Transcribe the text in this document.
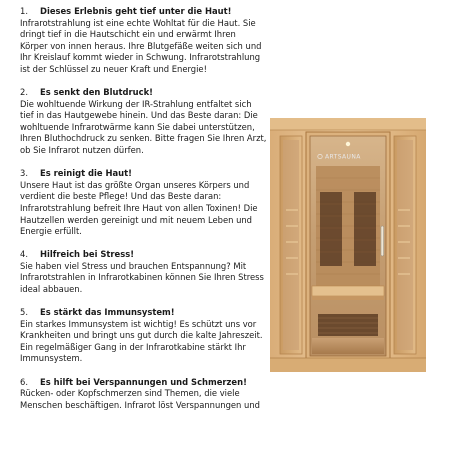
1.	Dieses Erlebnis geht tief unter die Haut!
Infrarotstrahlung ist eine echte Wohltat für die Haut. Sie
dringt tief in die Hautschicht ein und erwärmt Ihren
Körper von innen heraus. Ihre Blutgefäße weiten sich und
Ihr Kreislauf kommt wieder in Schwung. Infrarotstrahlung
ist der Schlüssel zu neuer Kraft und Energie!
2.	Es senkt den Blutdruck!
Die wohltuende Wirkung der IR-Strahlung entfaltet sich
tief in das Hautgewebe hinein. Und das Beste daran: Die
wohltuende Infrarotwärme kann Sie dabei unterstützen,
Ihren Bluthochdruck zu senken. Bitte fragen Sie Ihren Arzt,
ob Sie Infrarot nutzen dürfen.
3.	Es reinigt die Haut!
Unsere Haut ist das größte Organ unseres Körpers und
verdient die beste Pflege! Und das Beste daran:
Infrarotstrahlung befreit Ihre Haut von allen Toxinen! Die
Hautzellen werden gereinigt und mit neuem Leben und
Energie erfüllt.
4.	Hilfreich bei Stress!
Sie haben viel Stress und brauchen Entspannung? Mit
Infrarotstrahlen in Infrarotkabinen können Sie Ihren Stress
ideal abbauen.
5.	Es stärkt das Immunsystem!
Ein starkes Immunsystem ist wichtig! Es schützt uns vor
Krankheiten und bringt uns gut durch die kalte Jahreszeit.
Ein regelmäßiger Gang in der Infrarotkabine stärkt Ihr
Immunsystem.
6.	Es hilft bei Verspannungen und Schmerzen!
Rücken- oder Kopfschmerzen sind Themen, die viele
Menschen beschäftigen. Infrarot löst Verspannungen und
ARTSAUNA
